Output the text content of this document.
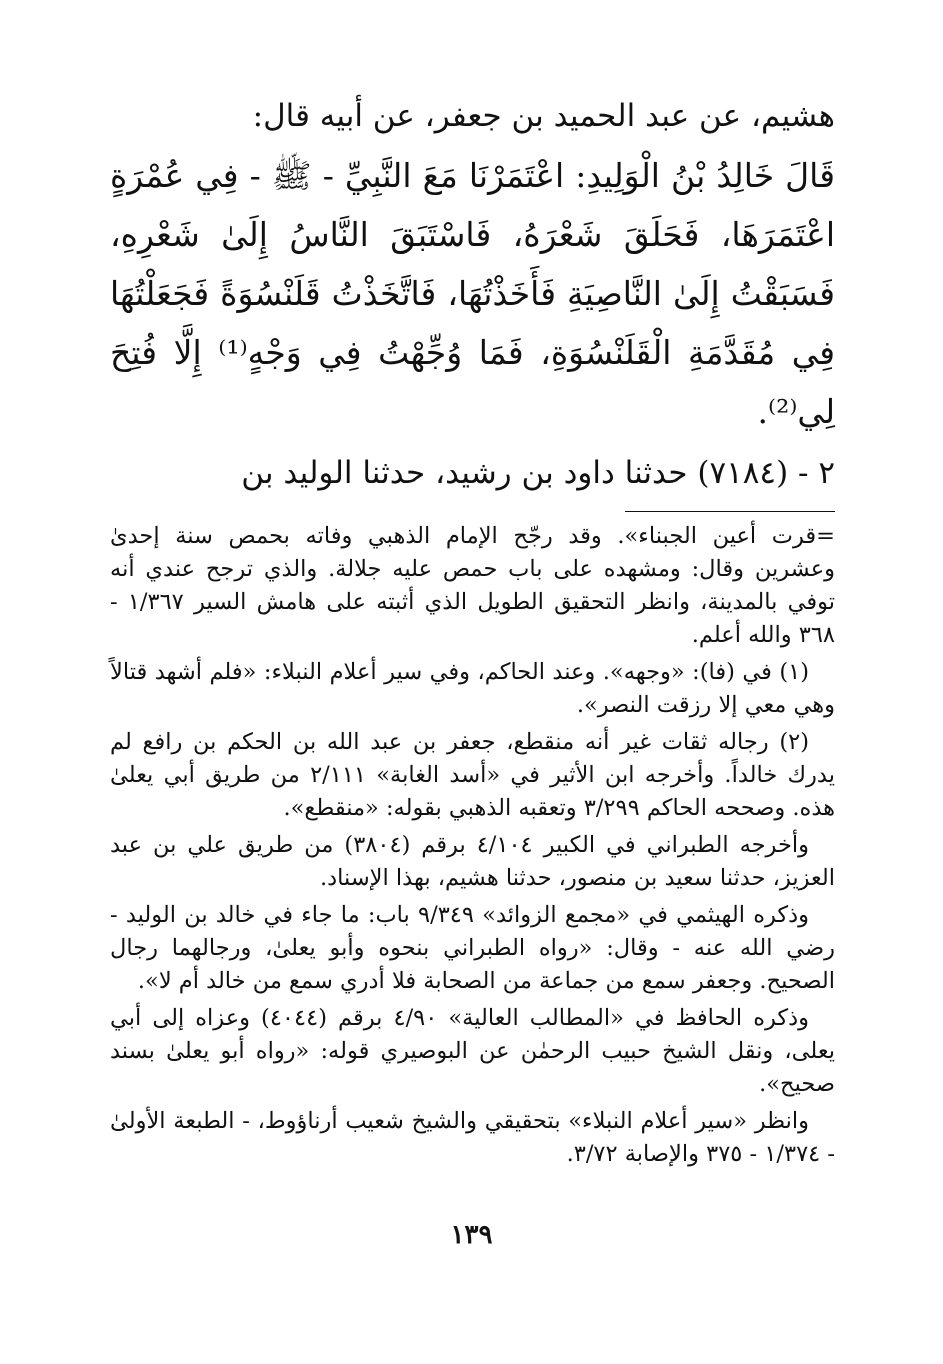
هشيم، عن عبد الحميد بن جعفر، عن أبيه قال:

قَالَ خَالِدُ بْنُ الْوَلِيدِ: اعْتَمَرْنَا مَعَ النَّبِيِّ - ﷺ - فِي عُمْرَةٍ اعْتَمَرَهَا، فَحَلَقَ شَعْرَهُ، فَاسْتَبَقَ النَّاسُ إِلَىٰ شَعْرِهِ، فَسَبَقْتُ إِلَىٰ النَّاصِيَةِ فَأَخَذْتُهَا، فَاتَّخَذْتُ قَلَنْسُوَةً فَجَعَلْتُهَا فِي مُقَدَّمَةِ الْقَلَنْسُوَةِ، فَمَا وُجِّهْتُ فِي وَجْهٍ⁽¹⁾ إِلَّا فُتِحَ لِي⁽²⁾.

٢ - (٧١٨٤) حدثنا داود بن رشيد، حدثنا الوليد بن

=قرت أعين الجبناء». وقد رجّح الإمام الذهبي وفاته بحمص سنة إحدىٰ وعشرين وقال: ومشهده على باب حمص عليه جلالة. والذي ترجح عندي أنه توفي بالمدينة، وانظر التحقيق الطويل الذي أثبته على هامش السير ١/٣٦٧ - ٣٦٨ والله أعلم.

(١) في (فا): «وجهه». وعند الحاكم، وفي سير أعلام النبلاء: «فلم أشهد قتالاً وهي معي إلا رزقت النصر».

(٢) رجاله ثقات غير أنه منقطع، جعفر بن عبد الله بن الحكم بن رافع لم يدرك خالداً. وأخرجه ابن الأثير في «أسد الغابة» ٢/١١١ من طريق أبي يعلىٰ هذه. وصححه الحاكم ٣/٢٩٩ وتعقبه الذهبي بقوله: «منقطع».

وأخرجه الطبراني في الكبير ٤/١٠٤ برقم (٣٨٠٤) من طريق علي بن عبد العزيز، حدثنا سعيد بن منصور، حدثنا هشيم، بهذا الإسناد.

وذكره الهيثمي في «مجمع الزوائد» ٩/٣٤٩ باب: ما جاء في خالد بن الوليد - رضي الله عنه - وقال: «رواه الطبراني بنحوه وأبو يعلىٰ، ورجالهما رجال الصحيح. وجعفر سمع من جماعة من الصحابة فلا أدري سمع من خالد أم لا».

وذكره الحافظ في «المطالب العالية» ٤/٩٠ برقم (٤٠٤٤) وعزاه إلى أبي يعلى، ونقل الشيخ حبيب الرحمٰن عن البوصيري قوله: «رواه أبو يعلىٰ بسند صحيح».

وانظر «سير أعلام النبلاء» بتحقيقي والشيخ شعيب أرناؤوط، - الطبعة الأولىٰ - ١/٣٧٤ - ٣٧٥ والإصابة ٣/٧٢.

١٣٩
